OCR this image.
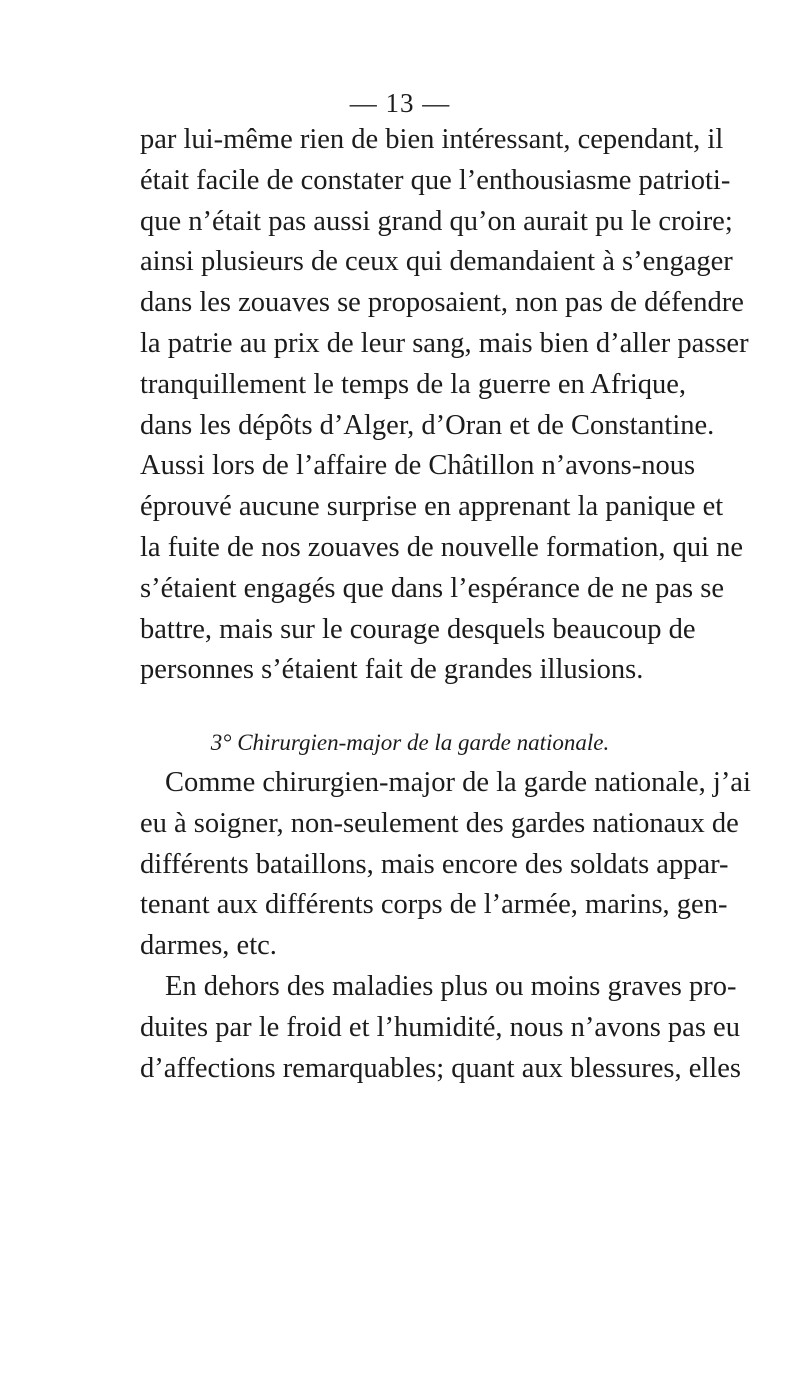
— 13 —
par lui-même rien de bien intéressant, cependant, il
était facile de constater que l’enthousiasme patrioti-
que n’était pas aussi grand qu’on aurait pu le croire;
ainsi plusieurs de ceux qui demandaient à s’engager
dans les zouaves se proposaient, non pas de défendre
la patrie au prix de leur sang, mais bien d’aller passer
tranquillement le temps de la guerre en Afrique,
dans les dépôts d’Alger, d’Oran et de Constantine.
Aussi lors de l’affaire de Châtillon n’avons-nous
éprouvé aucune surprise en apprenant la panique et
la fuite de nos zouaves de nouvelle formation, qui ne
s’étaient engagés que dans l’espérance de ne pas se
battre, mais sur le courage desquels beaucoup de
personnes s’étaient fait de grandes illusions.
3° Chirurgien-major de la garde nationale.
Comme chirurgien-major de la garde nationale, j’ai
eu à soigner, non-seulement des gardes nationaux de
différents bataillons, mais encore des soldats appar-
tenant aux différents corps de l’armée, marins, gen-
darmes, etc.
En dehors des maladies plus ou moins graves pro-
duites par le froid et l’humidité, nous n’avons pas eu
d’affections remarquables; quant aux blessures, elles
